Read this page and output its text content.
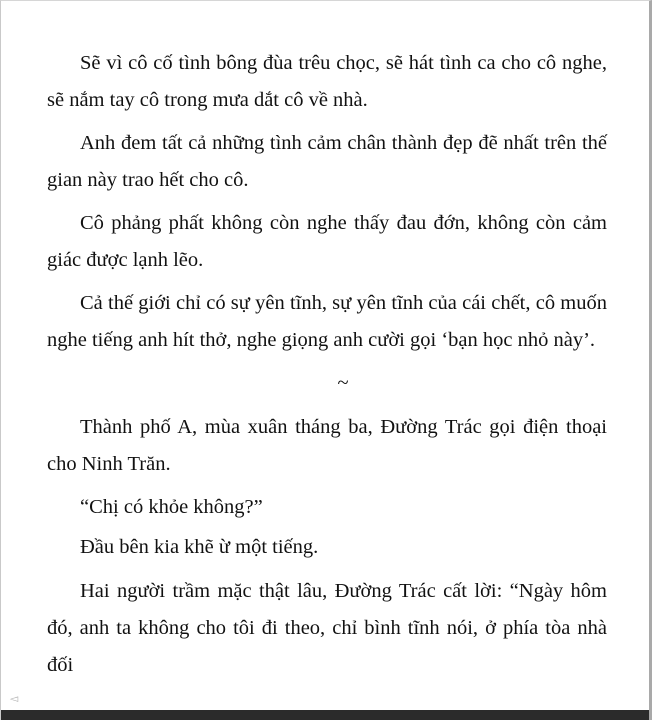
Sẽ vì cô cố tình bông đùa trêu chọc, sẽ hát tình ca cho cô nghe, sẽ nắm tay cô trong mưa dắt cô về nhà.

Anh đem tất cả những tình cảm chân thành đẹp đẽ nhất trên thế gian này trao hết cho cô.

Cô phảng phất không còn nghe thấy đau đớn, không còn cảm giác được lạnh lẽo.

Cả thế giới chỉ có sự yên tĩnh, sự yên tĩnh của cái chết, cô muốn nghe tiếng anh hít thở, nghe giọng anh cười gọi ‘bạn học nhỏ này’.

~

Thành phố A, mùa xuân tháng ba, Đường Trác gọi điện thoại cho Ninh Trăn.

“Chị có khỏe không?”

Đầu bên kia khẽ ừ một tiếng.

Hai người trầm mặc thật lâu, Đường Trác cất lời: “Ngày hôm đó, anh ta không cho tôi đi theo, chỉ bình tĩnh nói, ở phía tòa nhà đối

◅
